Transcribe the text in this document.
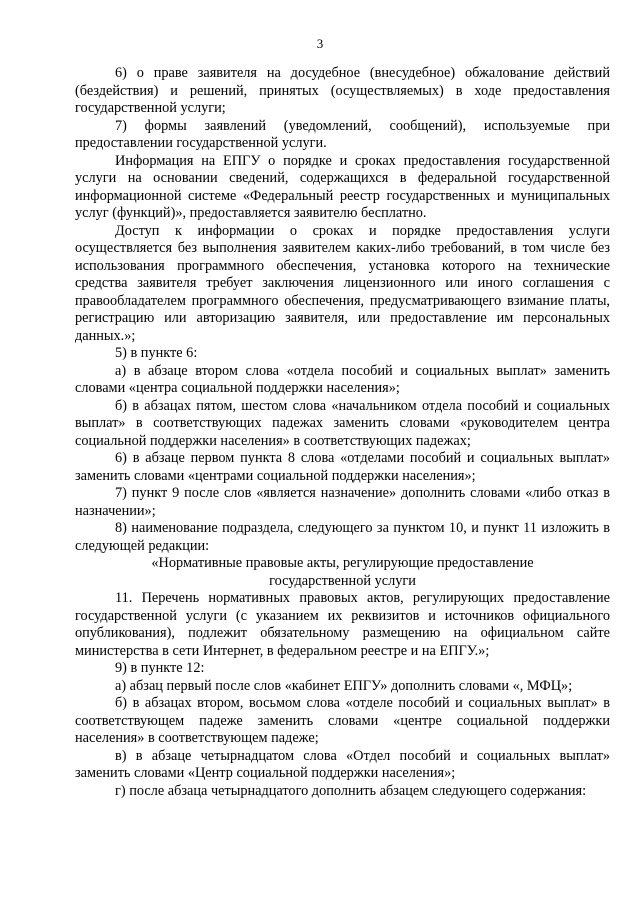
3

6) о праве заявителя на досудебное (внесудебное) обжалование действий (бездействия) и решений, принятых (осуществляемых) в ходе предоставления государственной услуги;

7) формы заявлений (уведомлений, сообщений), используемые при предоставлении государственной услуги.

Информация на ЕПГУ о порядке и сроках предоставления государственной услуги на основании сведений, содержащихся в федеральной государственной информационной системе «Федеральный реестр государственных и муниципальных услуг (функций)», предоставляется заявителю бесплатно.

Доступ к информации о сроках и порядке предоставления услуги осуществляется без выполнения заявителем каких-либо требований, в том числе без использования программного обеспечения, установка которого на технические средства заявителя требует заключения лицензионного или иного соглашения с правообладателем программного обеспечения, предусматривающего взимание платы, регистрацию или авторизацию заявителя, или предоставление им персональных данных.»;

5) в пункте 6:

а) в абзаце втором слова «отдела пособий и социальных выплат» заменить словами «центра социальной поддержки населения»;

б) в абзацах пятом, шестом слова «начальником отдела пособий и социальных выплат» в соответствующих падежах заменить словами «руководителем центра социальной поддержки населения» в соответствующих падежах;

6) в абзаце первом пункта 8 слова «отделами пособий и социальных выплат» заменить словами «центрами социальной поддержки населения»;

7) пункт 9 после слов «является назначение» дополнить словами «либо отказ в назначении»;

8) наименование подраздела, следующего за пунктом 10, и пункт 11 изложить в следующей редакции:

«Нормативные правовые акты, регулирующие предоставление

государственной услуги

11. Перечень нормативных правовых актов, регулирующих предоставление государственной услуги (с указанием их реквизитов и источников официального опубликования), подлежит обязательному размещению на официальном сайте министерства в сети Интернет, в федеральном реестре и на ЕПГУ.»;

9) в пункте 12:

а) абзац первый после слов «кабинет ЕПГУ» дополнить словами «, МФЦ»;

б) в абзацах втором, восьмом слова «отделе пособий и социальных выплат» в соответствующем падеже заменить словами «центре социальной поддержки населения» в соответствующем падеже;

в) в абзаце четырнадцатом слова «Отдел пособий и социальных выплат» заменить словами «Центр социальной поддержки населения»;

г) после абзаца четырнадцатого дополнить абзацем следующего содержания:
